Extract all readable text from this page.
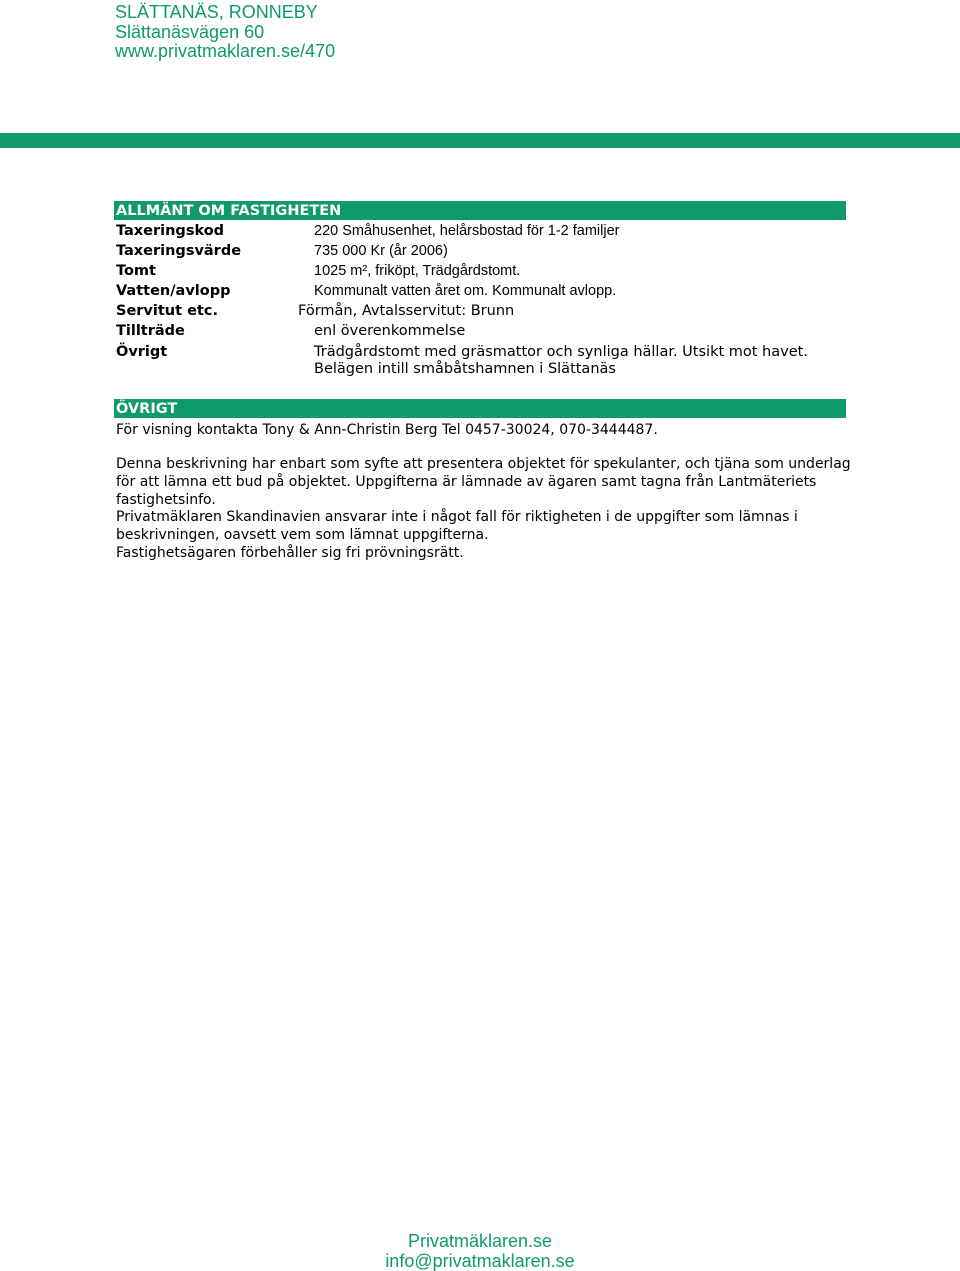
SLÄTTANÄS, RONNEBY
Slättanäsvägen 60
www.privatmaklaren.se/470
ALLMÄNT OM FASTIGHETEN
Taxeringskod	220 Småhusenhet, helårsbostad för 1-2 familjer
Taxeringsvärde	735 000 Kr (år 2006)
Tomt	1025 m², friköpt, Trädgårdstomt.
Vatten/avlopp	Kommunalt vatten året om. Kommunalt avlopp.
Servitut etc.	Förmån, Avtalsservitut: Brunn
Tillträde	enl överenkommelse
Övrigt	Trädgårdstomt med gräsmattor och synliga hällar. Utsikt mot havet.
Belägen intill småbåtshamnen i Slättanäs
ÖVRIGT
För visning kontakta Tony & Ann-Christin Berg Tel 0457-30024, 070-3444487.

Denna beskrivning har enbart som syfte att presentera objektet för spekulanter, och tjäna som underlag för att lämna ett bud på objektet. Uppgifterna är lämnade av ägaren samt tagna från Lantmäteriets fastighetsinfo.

Privatmäklaren Skandinavien ansvarar inte i något fall för riktigheten i de uppgifter som lämnas i beskrivningen, oavsett vem som lämnat uppgifterna.

Fastighetsägaren förbehåller sig fri prövningsrätt.

Privatmäklaren.se
info@privatmaklaren.se
